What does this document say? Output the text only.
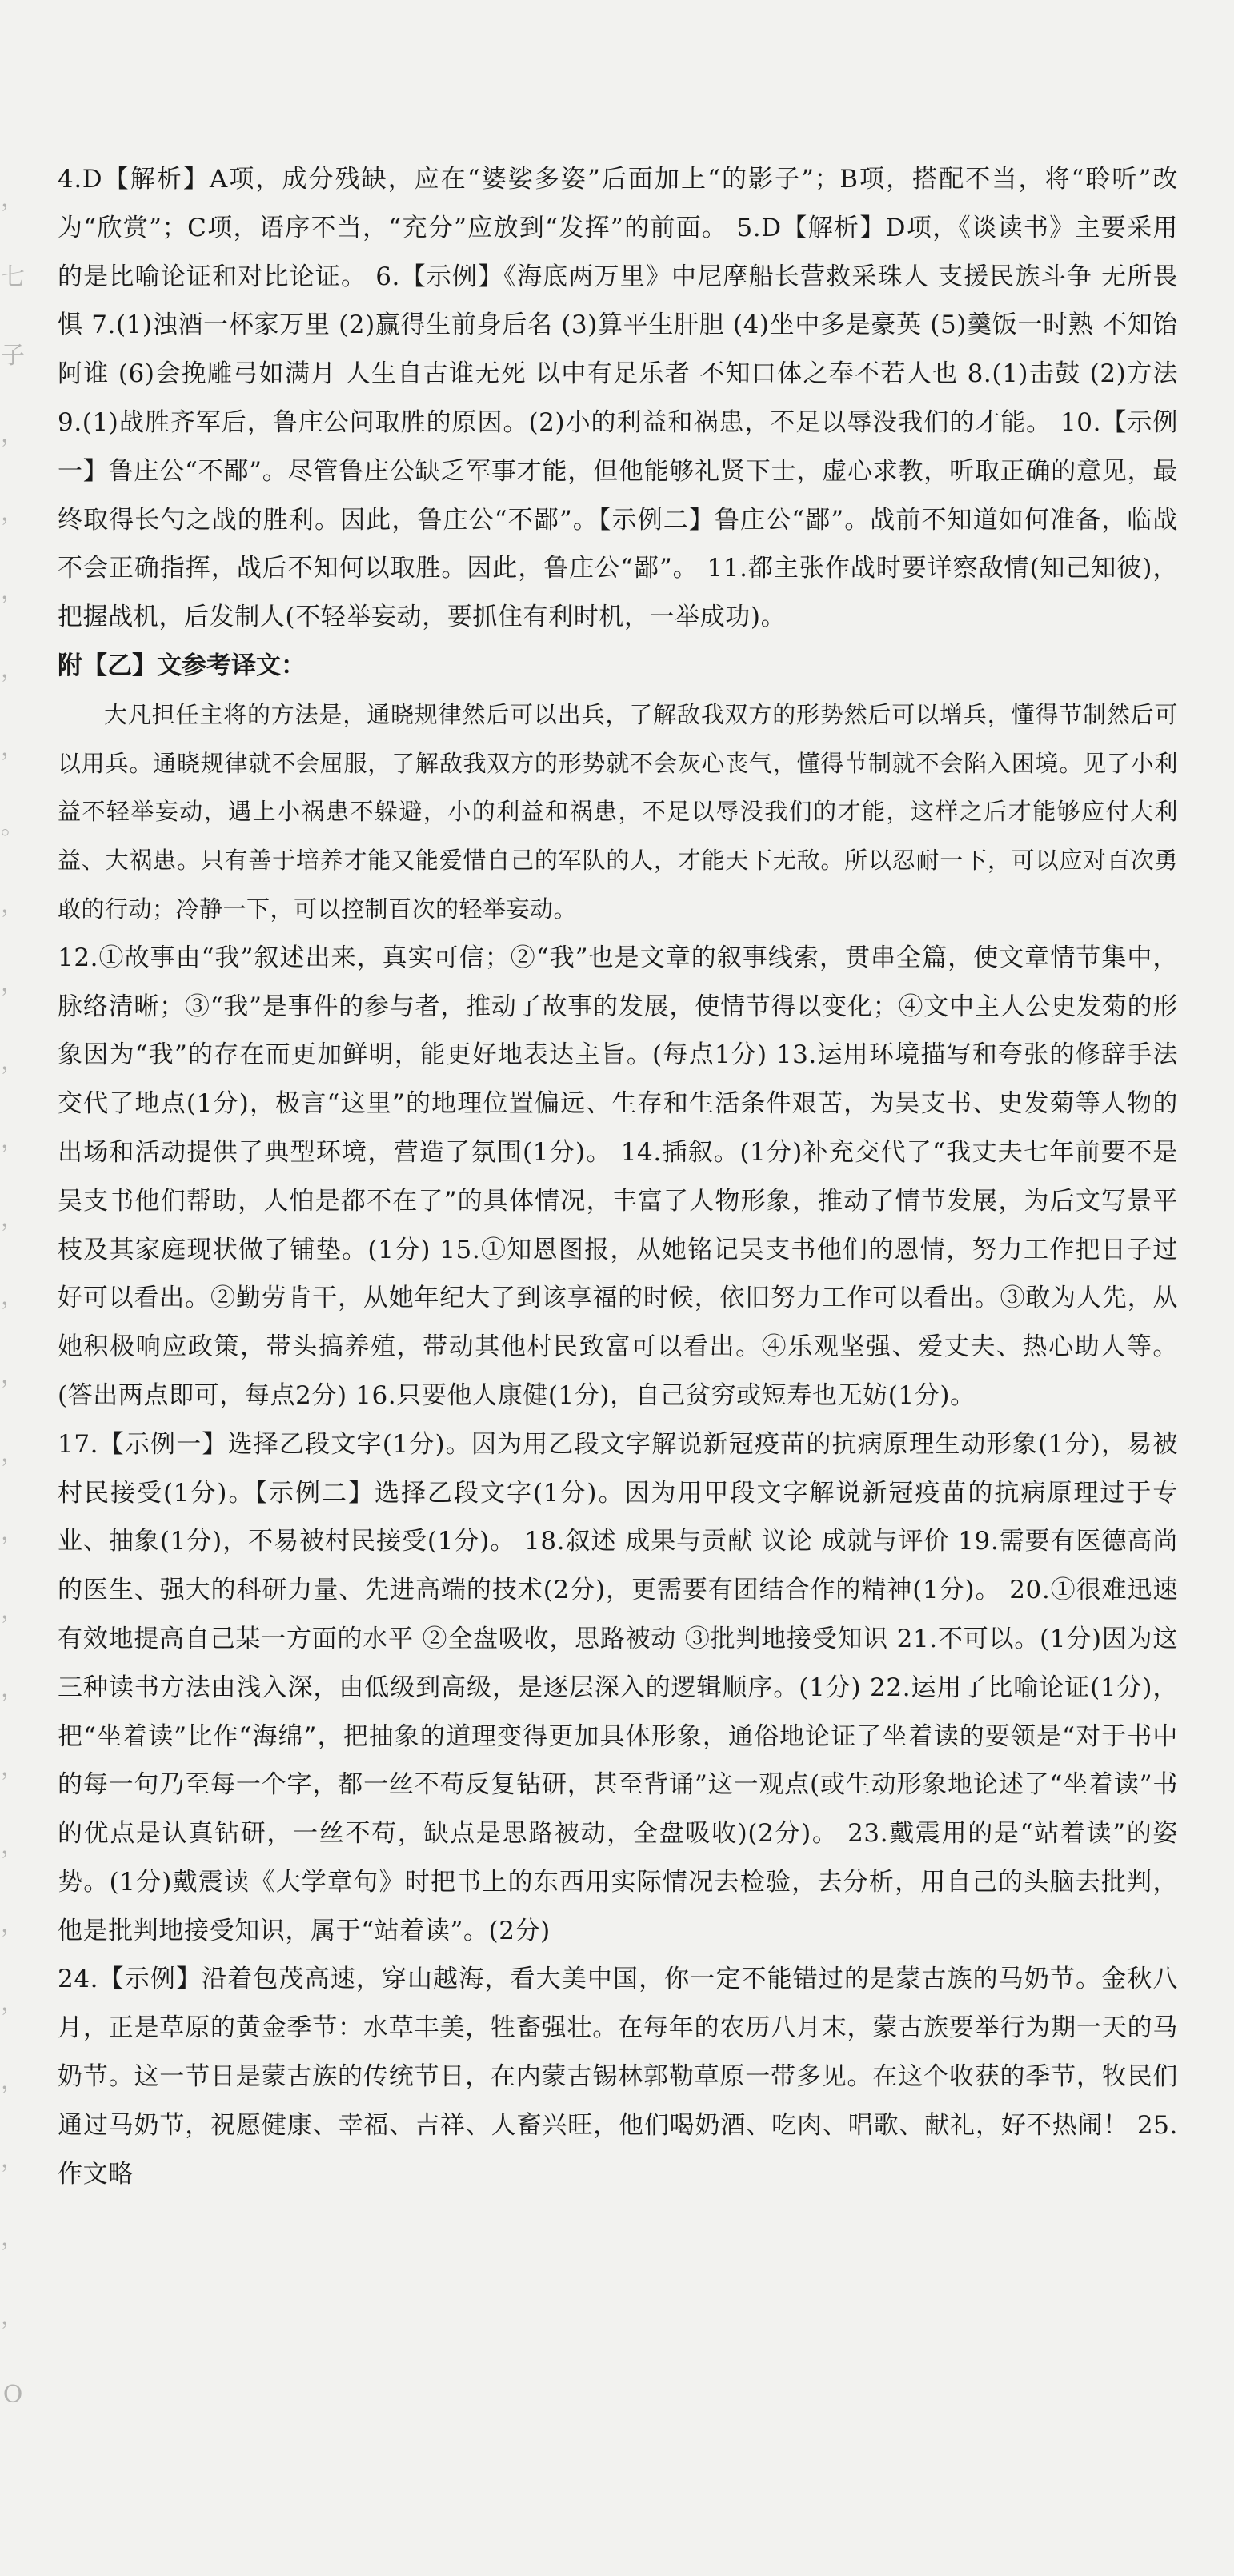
，
七
子
，
，
，
，
，
。
，
，
，
，
，
，
，
，
，
，
，
，
，
，
，
，
，
，
，
O
4.D【解析】A项，成分残缺，应在“婆娑多姿”后面加上“的影子”；B项，搭配不当，将“聆听”改为“欣赏”；C项，语序不当，“充分”应放到“发挥”的前面。 5.D【解析】D项，《谈读书》主要采用的是比喻论证和对比论证。 6.【示例】《海底两万里》中尼摩船长营救采珠人 支援民族斗争 无所畏惧 7.(1)浊酒一杯家万里 (2)赢得生前身后名 (3)算平生肝胆 (4)坐中多是豪英 (5)羹饭一时熟 不知饴阿谁 (6)会挽雕弓如满月 人生自古谁无死 以中有足乐者 不知口体之奉不若人也 8.(1)击鼓 (2)方法 9.(1)战胜齐军后，鲁庄公问取胜的原因。(2)小的利益和祸患，不足以辱没我们的才能。 10.【示例一】鲁庄公“不鄙”。尽管鲁庄公缺乏军事才能，但他能够礼贤下士，虚心求教，听取正确的意见，最终取得长勺之战的胜利。因此，鲁庄公“不鄙”。【示例二】鲁庄公“鄙”。战前不知道如何准备，临战不会正确指挥，战后不知何以取胜。因此，鲁庄公“鄙”。 11.都主张作战时要详察敌情(知己知彼)，把握战机，后发制人(不轻举妄动，要抓住有利时机，一举成功)。
附【乙】文参考译文：
大凡担任主将的方法是，通晓规律然后可以出兵，了解敌我双方的形势然后可以增兵，懂得节制然后可以用兵。通晓规律就不会屈服，了解敌我双方的形势就不会灰心丧气，懂得节制就不会陷入困境。见了小利益不轻举妄动，遇上小祸患不躲避，小的利益和祸患，不足以辱没我们的才能，这样之后才能够应付大利益、大祸患。只有善于培养才能又能爱惜自己的军队的人，才能天下无敌。所以忍耐一下，可以应对百次勇敢的行动；冷静一下，可以控制百次的轻举妄动。
12.①故事由“我”叙述出来，真实可信；②“我”也是文章的叙事线索，贯串全篇，使文章情节集中，脉络清晰；③“我”是事件的参与者，推动了故事的发展，使情节得以变化；④文中主人公史发菊的形象因为“我”的存在而更加鲜明，能更好地表达主旨。(每点1分) 13.运用环境描写和夸张的修辞手法交代了地点(1分)，极言“这里”的地理位置偏远、生存和生活条件艰苦，为吴支书、史发菊等人物的出场和活动提供了典型环境，营造了氛围(1分)。 14.插叙。(1分)补充交代了“我丈夫七年前要不是吴支书他们帮助，人怕是都不在了”的具体情况，丰富了人物形象，推动了情节发展，为后文写景平枝及其家庭现状做了铺垫。(1分) 15.①知恩图报，从她铭记吴支书他们的恩情，努力工作把日子过好可以看出。②勤劳肯干，从她年纪大了到该享福的时候，依旧努力工作可以看出。③敢为人先，从她积极响应政策，带头搞养殖，带动其他村民致富可以看出。④乐观坚强、爱丈夫、热心助人等。(答出两点即可，每点2分) 16.只要他人康健(1分)，自己贫穷或短寿也无妨(1分)。
17.【示例一】选择乙段文字(1分)。因为用乙段文字解说新冠疫苗的抗病原理生动形象(1分)，易被村民接受(1分)。【示例二】选择乙段文字(1分)。因为用甲段文字解说新冠疫苗的抗病原理过于专业、抽象(1分)，不易被村民接受(1分)。 18.叙述 成果与贡献 议论 成就与评价 19.需要有医德高尚的医生、强大的科研力量、先进高端的技术(2分)，更需要有团结合作的精神(1分)。 20.①很难迅速有效地提高自己某一方面的水平 ②全盘吸收，思路被动 ③批判地接受知识 21.不可以。(1分)因为这三种读书方法由浅入深，由低级到高级，是逐层深入的逻辑顺序。(1分) 22.运用了比喻论证(1分)，把“坐着读”比作“海绵”，把抽象的道理变得更加具体形象，通俗地论证了坐着读的要领是“对于书中的每一句乃至每一个字，都一丝不苟反复钻研，甚至背诵”这一观点(或生动形象地论述了“坐着读”书的优点是认真钻研，一丝不苟，缺点是思路被动，全盘吸收)(2分)。 23.戴震用的是“站着读”的姿势。(1分)戴震读《大学章句》时把书上的东西用实际情况去检验，去分析，用自己的头脑去批判，他是批判地接受知识，属于“站着读”。(2分)
24.【示例】沿着包茂高速，穿山越海，看大美中国，你一定不能错过的是蒙古族的马奶节。金秋八月，正是草原的黄金季节：水草丰美，牲畜强壮。在每年的农历八月末，蒙古族要举行为期一天的马奶节。这一节日是蒙古族的传统节日，在内蒙古锡林郭勒草原一带多见。在这个收获的季节，牧民们通过马奶节，祝愿健康、幸福、吉祥、人畜兴旺，他们喝奶酒、吃肉、唱歌、献礼，好不热闹！ 25.作文略
